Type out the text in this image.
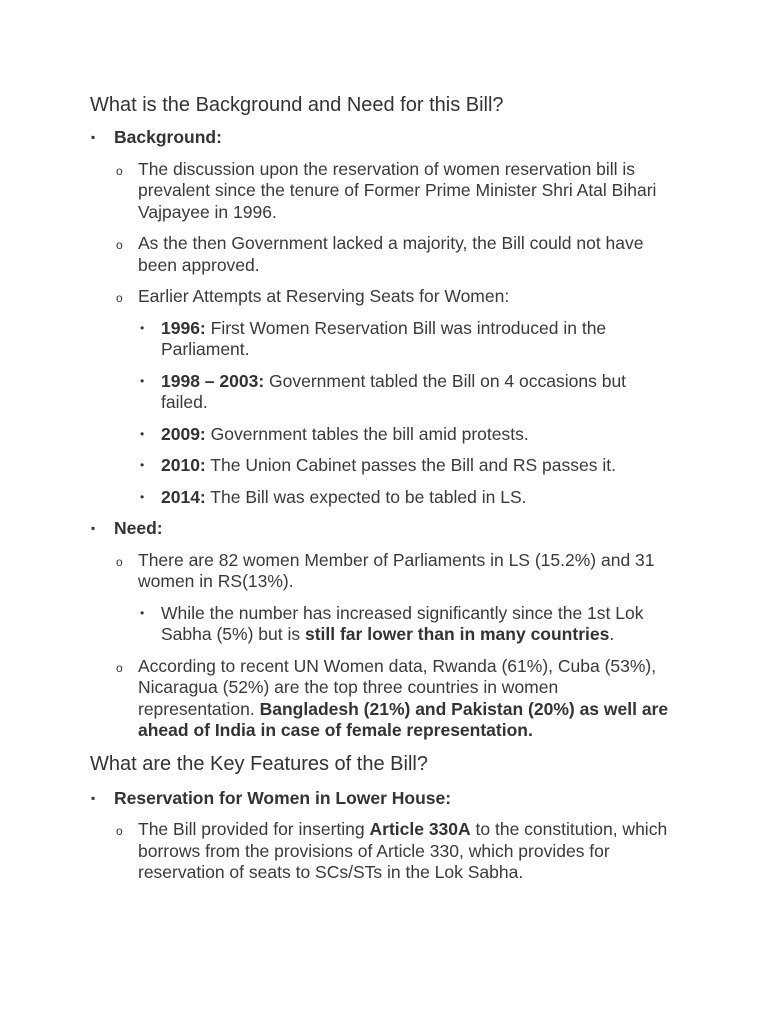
What is the Background and Need for this Bill?
▪ Background:
o The discussion upon the reservation of women reservation bill is prevalent since the tenure of Former Prime Minister Shri Atal Bihari Vajpayee in 1996.
o As the then Government lacked a majority, the Bill could not have been approved.
o Earlier Attempts at Reserving Seats for Women:
• 1996: First Women Reservation Bill was introduced in the Parliament.
• 1998 – 2003: Government tabled the Bill on 4 occasions but failed.
• 2009: Government tables the bill amid protests.
• 2010: The Union Cabinet passes the Bill and RS passes it.
• 2014: The Bill was expected to be tabled in LS.
▪ Need:
o There are 82 women Member of Parliaments in LS (15.2%) and 31 women in RS(13%).
• While the number has increased significantly since the 1st Lok Sabha (5%) but is still far lower than in many countries.
o According to recent UN Women data, Rwanda (61%), Cuba (53%), Nicaragua (52%) are the top three countries in women representation. Bangladesh (21%) and Pakistan (20%) as well are ahead of India in case of female representation.
What are the Key Features of the Bill?
▪ Reservation for Women in Lower House:
o The Bill provided for inserting Article 330A to the constitution, which borrows from the provisions of Article 330, which provides for reservation of seats to SCs/STs in the Lok Sabha.
